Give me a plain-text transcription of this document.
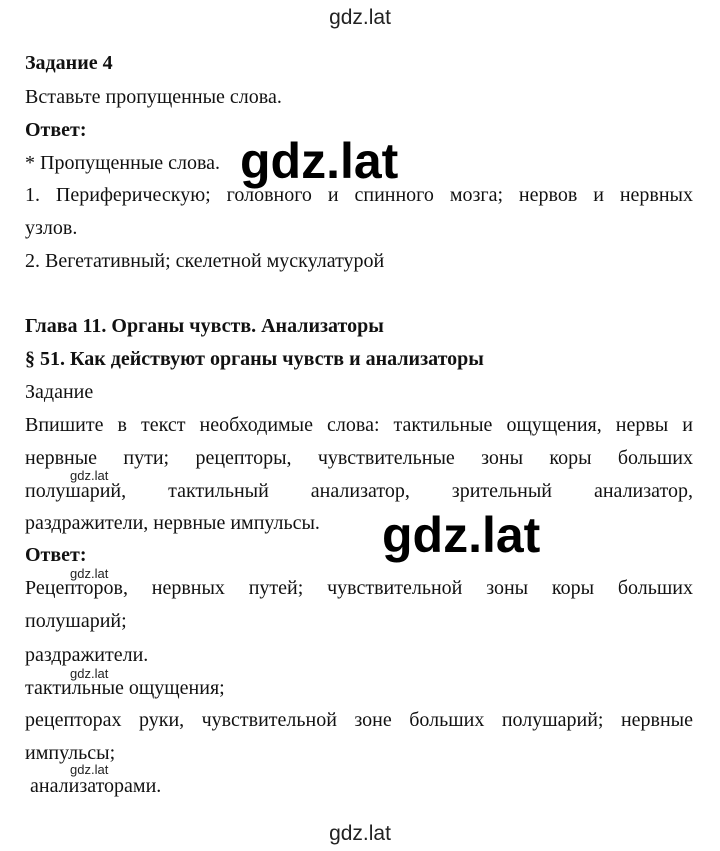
gdz.lat
Задание 4
Вставьте пропущенные слова.
Ответ:
* Пропущенные слова.
1. Периферическую; головного и спинного мозга; нервов и нервных
узлов.
2. Вегетативный; скелетной мускулатурой
gdz.lat
Глава 11. Органы чувств. Анализаторы
§ 51. Как действуют органы чувств и анализаторы
Задание
Впишите в текст необходимые слова: тактильные ощущения, нервы и
нервные пути; рецепторы, чувствительные зоны коры больших
полушарий, тактильный анализатор, зрительный анализатор,
раздражители, нервные импульсы.
gdz.lat
gdz.lat
Ответ:
gdz.lat
Рецепторов, нервных путей; чувствительной зоны коры больших
полушарий;
раздражители.
gdz.lat
тактильные ощущения;
рецепторах руки, чувствительной зоне больших полушарий; нервные
импульсы;
gdz.lat
анализаторами.
gdz.lat
